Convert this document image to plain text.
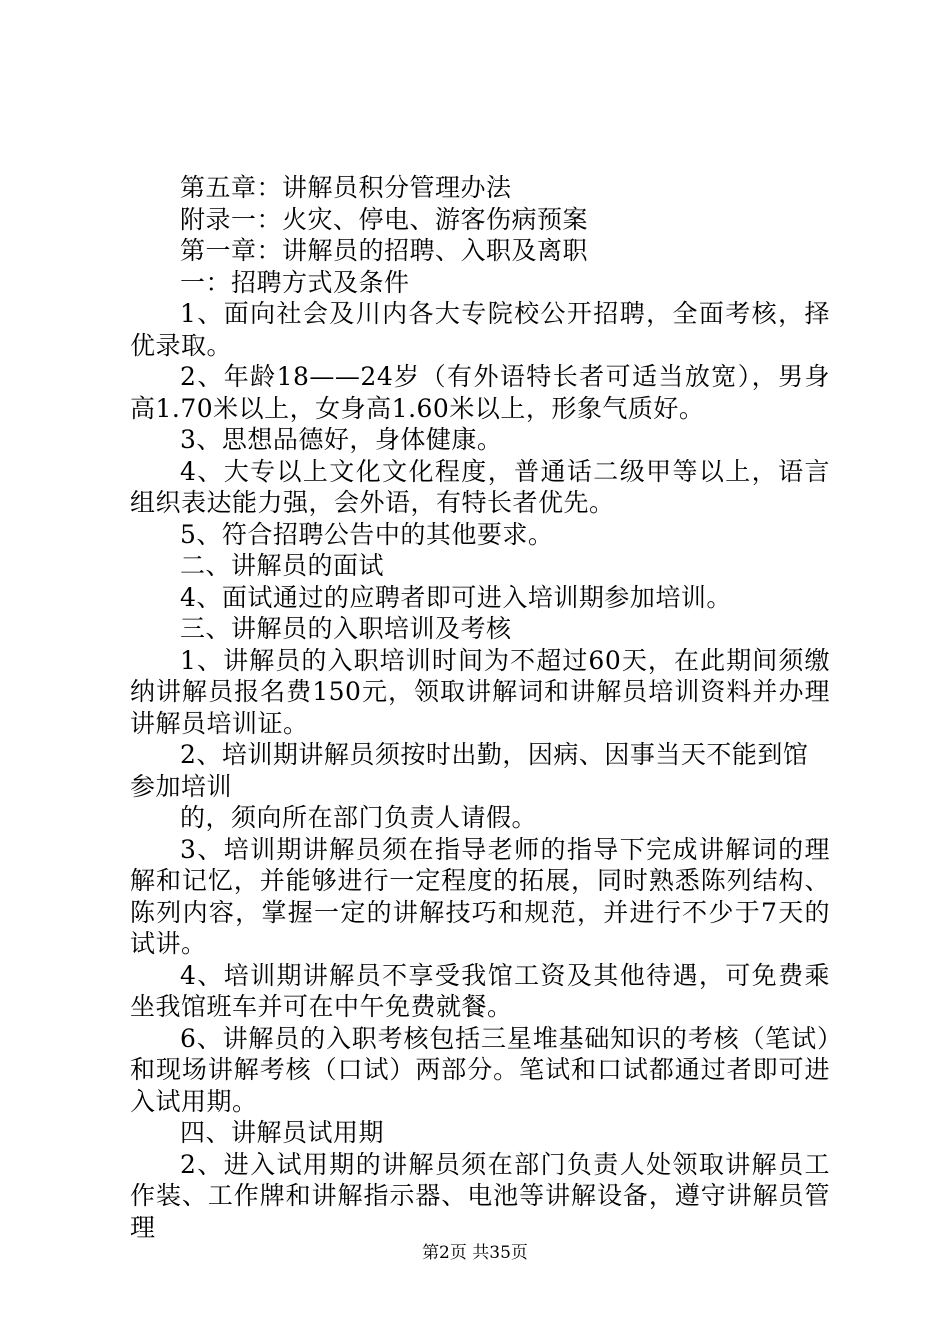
第五章：讲解员积分管理办法

附录一：火灾、停电、游客伤病预案

第一章：讲解员的招聘、入职及离职

一：招聘方式及条件

1、面向社会及川内各大专院校公开招聘，全面考核，择优录取。

2、年龄18——24岁（有外语特长者可适当放宽），男身高1.70米以上，女身高1.60米以上，形象气质好。

3、思想品德好，身体健康。

4、大专以上文化文化程度，普通话二级甲等以上，语言组织表达能力强，会外语，有特长者优先。

5、符合招聘公告中的其他要求。

二、讲解员的面试

4、面试通过的应聘者即可进入培训期参加培训。

三、讲解员的入职培训及考核

1、讲解员的入职培训时间为不超过60天，在此期间须缴纳讲解员报名费150元，领取讲解词和讲解员培训资料并办理讲解员培训证。

2、培训期讲解员须按时出勤，因病、因事当天不能到馆参加培训

的，须向所在部门负责人请假。

3、培训期讲解员须在指导老师的指导下完成讲解词的理解和记忆，并能够进行一定程度的拓展，同时熟悉陈列结构、陈列内容，掌握一定的讲解技巧和规范，并进行不少于7天的试讲。

4、培训期讲解员不享受我馆工资及其他待遇，可免费乘坐我馆班车并可在中午免费就餐。

6、讲解员的入职考核包括三星堆基础知识的考核（笔试）和现场讲解考核（口试）两部分。笔试和口试都通过者即可进入试用期。

四、讲解员试用期

2、进入试用期的讲解员须在部门负责人处领取讲解员工作装、工作牌和讲解指示器、电池等讲解设备，遵守讲解员管理

第2页 共35页
